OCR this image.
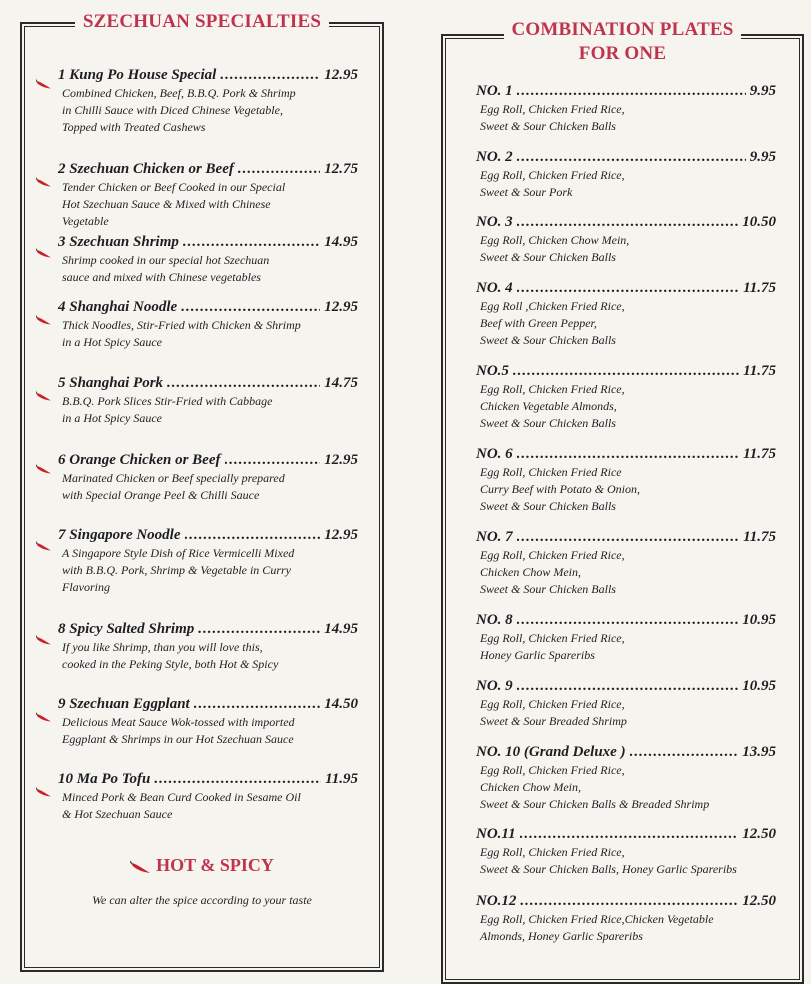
SZECHUAN SPECIALTIES	COMBINATION PLATES
FOR ONE
1 Kung Po House Special .....	12.95
Combined Chicken, Beef, B.B.Q. Pork & Shrimp
in Chilli Sauce with Diced Chinese Vegetable,
Topped with Treated Cashews
2 Szechuan Chicken or Beef .....	12.75
Tender Chicken or Beef Cooked in our Special
Hot Szechuan Sauce & Mixed with Chinese
Vegetable
3 Szechuan Shrimp .....	14.95
Shrimp cooked in our special hot Szechuan
sauce and mixed with Chinese vegetables
4 Shanghai Noodle .....	12.95
Thick Noodles, Stir-Fried with Chicken & Shrimp
in a Hot Spicy Sauce
5 Shanghai Pork .....	14.75
B.B.Q. Pork Slices Stir-Fried with Cabbage
in a Hot Spicy Sauce
6 Orange Chicken or Beef .....	12.95
Marinated Chicken or Beef specially prepared
with Special Orange Peel & Chilli Sauce
7 Singapore Noodle .....	12.95
A Singapore Style Dish of Rice Vermicelli Mixed
with B.B.Q. Pork, Shrimp & Vegetable in Curry
Flavoring
8 Spicy Salted Shrimp .....	14.95
If you like Shrimp, than you will love this,
cooked in the Peking Style, both Hot & Spicy
9 Szechuan Eggplant .....	14.50
Delicious Meat Sauce Wok-tossed with imported
Eggplant & Shrimps in our Hot Szechuan Sauce
10 Ma Po Tofu .....	11.95
Minced Pork & Bean Curd Cooked in Sesame Oil
& Hot Szechuan Sauce
NO. 1 .....	9.95
Egg Roll, Chicken Fried Rice,
Sweet & Sour Chicken Balls
NO. 2 .....	9.95
Egg Roll, Chicken Fried Rice,
Sweet & Sour Pork
NO. 3 .....	10.50
Egg Roll, Chicken Chow Mein,
Sweet & Sour Chicken Balls
NO. 4 .....	11.75
Egg Roll ,Chicken Fried Rice,
Beef with Green Pepper,
Sweet & Sour Chicken Balls
NO.5 .....	11.75
Egg Roll, Chicken Fried Rice,
Chicken Vegetable Almonds,
Sweet & Sour Chicken Balls
NO. 6 .....	11.75
Egg Roll, Chicken Fried Rice
Curry Beef with Potato & Onion,
Sweet & Sour Chicken Balls
NO. 7 .....	11.75
Egg Roll, Chicken Fried Rice,
Chicken Chow Mein,
Sweet & Sour Chicken Balls
NO. 8 .....	10.95
Egg Roll, Chicken Fried Rice,
Honey Garlic Spareribs
NO. 9 .....	10.95
Egg Roll, Chicken Fried Rice,
Sweet & Sour Breaded Shrimp
NO. 10 (Grand Deluxe ) .....	13.95
Egg Roll, Chicken Fried Rice,
Chicken Chow Mein,
Sweet & Sour Chicken Balls & Breaded Shrimp
NO.11 .....	12.50
Egg Roll, Chicken Fried Rice,
Sweet & Sour Chicken Balls, Honey Garlic Spareribs
NO.12 .....	12.50
Egg Roll, Chicken Fried Rice,Chicken Vegetable
Almonds, Honey Garlic Spareribs
HOT & SPICY
We can alter the spice according to your taste
